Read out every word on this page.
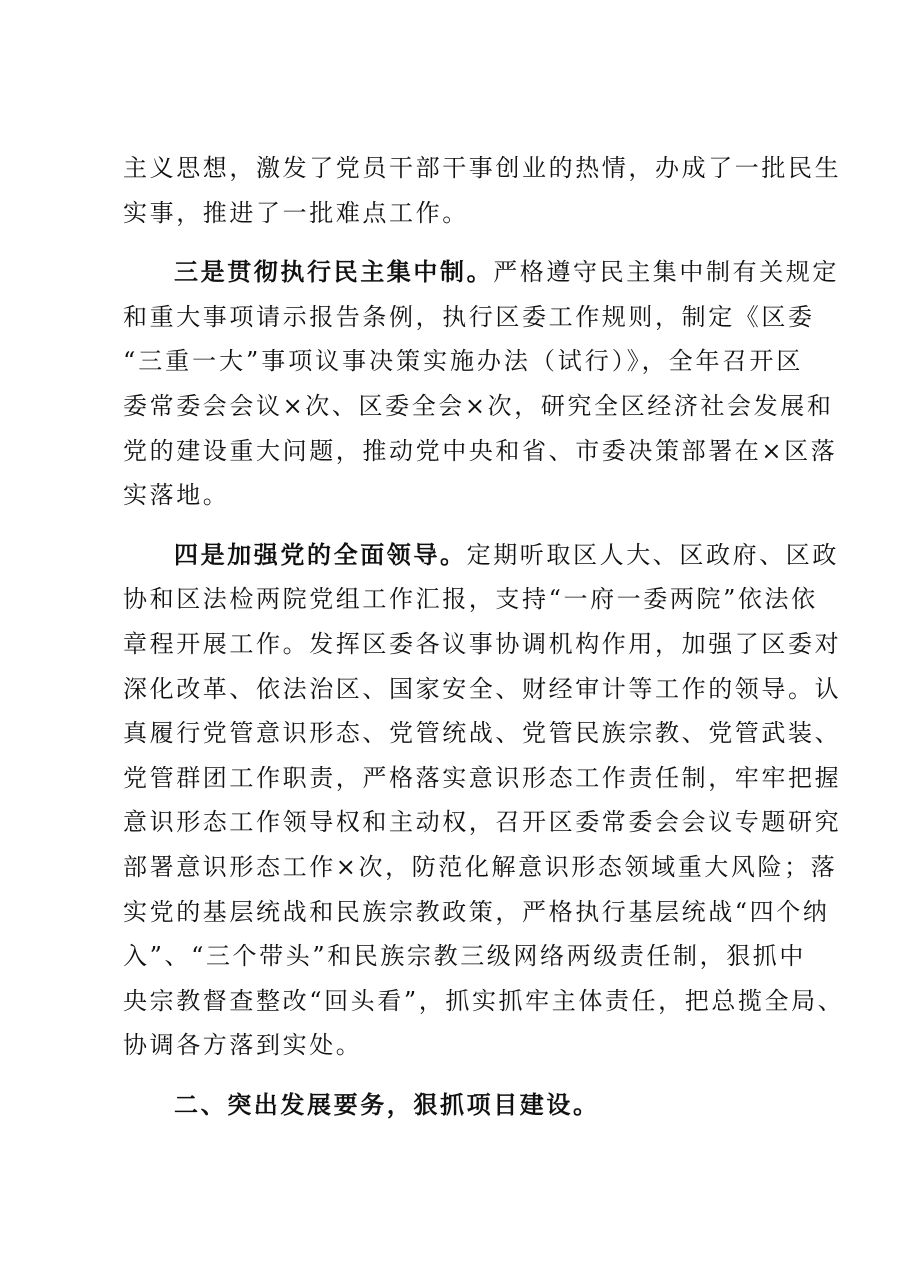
主义思想，激发了党员干部干事创业的热情，办成了一批民生
实事，推进了一批难点工作。
三是贯彻执行民主集中制。严格遵守民主集中制有关规定
和重大事项请示报告条例，执行区委工作规则，制定《区委
“三重一大”事项议事决策实施办法（试行）》，全年召开区
委常委会会议×次、区委全会×次，研究全区经济社会发展和
党的建设重大问题，推动党中央和省、市委决策部署在×区落
实落地。
四是加强党的全面领导。定期听取区人大、区政府、区政
协和区法检两院党组工作汇报，支持“一府一委两院”依法依
章程开展工作。发挥区委各议事协调机构作用，加强了区委对
深化改革、依法治区、国家安全、财经审计等工作的领导。认
真履行党管意识形态、党管统战、党管民族宗教、党管武装、
党管群团工作职责，严格落实意识形态工作责任制，牢牢把握
意识形态工作领导权和主动权，召开区委常委会会议专题研究
部署意识形态工作×次，防范化解意识形态领域重大风险；落
实党的基层统战和民族宗教政策，严格执行基层统战“四个纳
入”、“三个带头”和民族宗教三级网络两级责任制，狠抓中
央宗教督查整改“回头看”，抓实抓牢主体责任，把总揽全局、
协调各方落到实处。
二、突出发展要务，狠抓项目建设。
